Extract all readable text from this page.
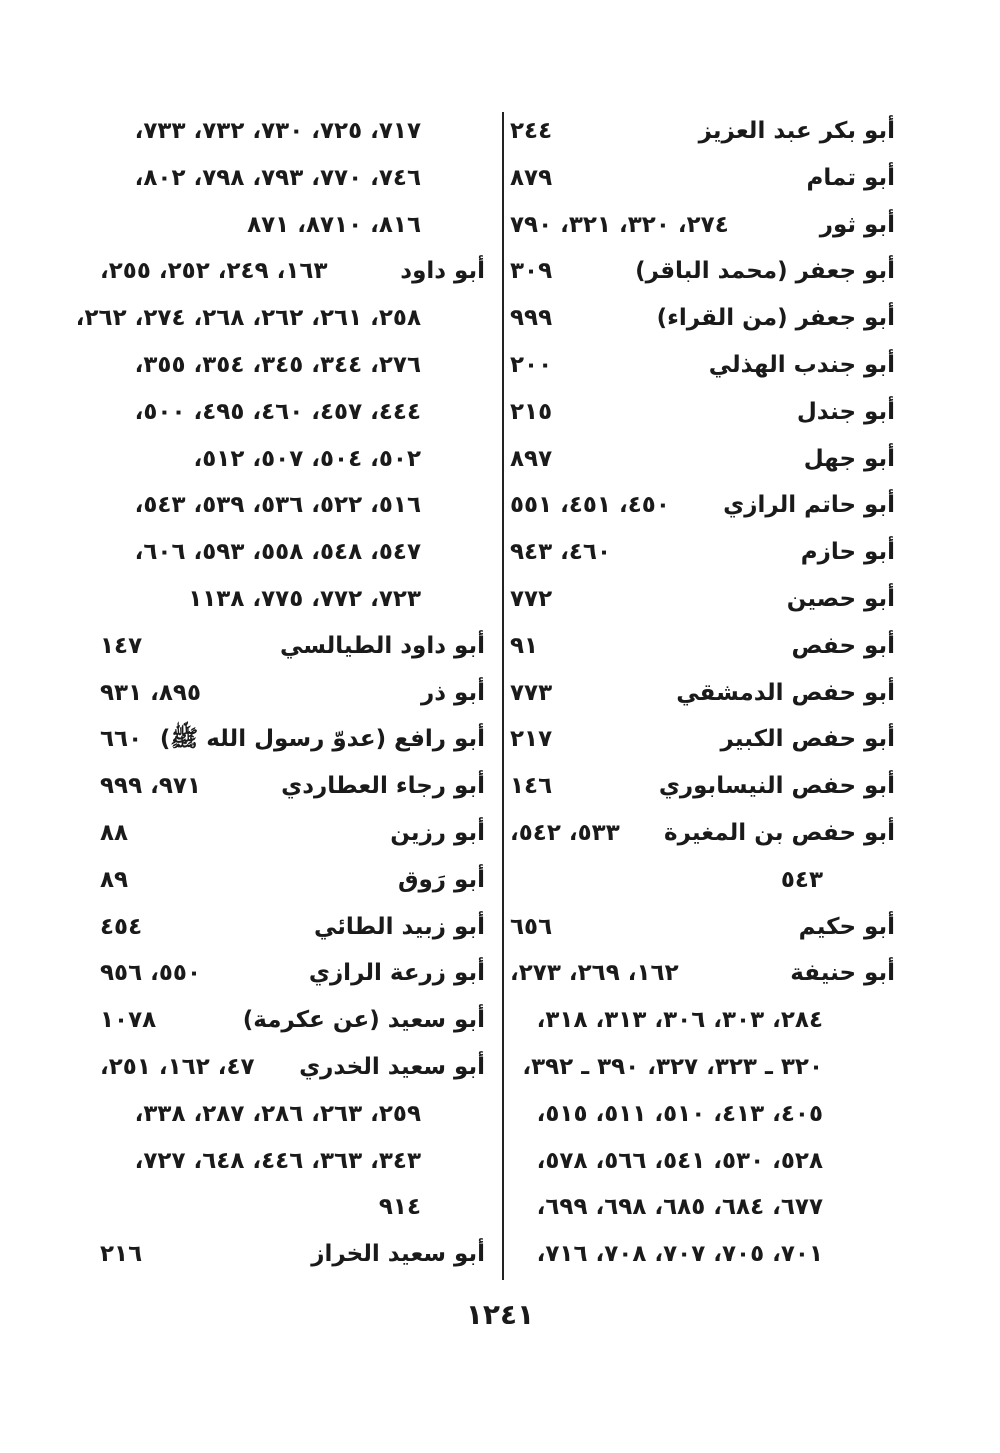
أبو بكر عبد العزيز
٢٤٤
أبو تمام
٨٧٩
أبو ثور
٢٧٤، ٣٢٠، ٣٢١، ٧٩٠
أبو جعفر (محمد الباقر)
٣٠٩
أبو جعفر (من القراء)
٩٩٩
أبو جندب الهذلي
٢٠٠
أبو جندل
٢١٥
أبو جهل
٨٩٧
أبو حاتم الرازي
٤٥٠، ٤٥١، ٥٥١
أبو حازم
٤٦٠، ٩٤٣
أبو حصين
٧٧٢
أبو حفص
٩١
أبو حفص الدمشقي
٧٧٣
أبو حفص الكبير
٢١٧
أبو حفص النيسابوري
١٤٦
أبو حفص بن المغيرة
٥٣٣، ٥٤٢،
٥٤٣
أبو حكيم
٦٥٦
أبو حنيفة
١٦٢، ٢٦٩، ٢٧٣،
٢٨٤، ٣٠٣، ٣٠٦، ٣١٣، ٣١٨،
٣٢٠ ـ ٣٢٣، ٣٢٧، ٣٩٠ ـ ٣٩٢،
٤٠٥، ٤١٣، ٥١٠، ٥١١، ٥١٥،
٥٢٨، ٥٣٠، ٥٤١، ٥٦٦، ٥٧٨،
٦٧٧، ٦٨٤، ٦٨٥، ٦٩٨، ٦٩٩،
٧٠١، ٧٠٥، ٧٠٧، ٧٠٨، ٧١٦،
٧١٧، ٧٢٥، ٧٣٠، ٧٣٢، ٧٣٣،
٧٤٦، ٧٧٠، ٧٩٣، ٧٩٨، ٨٠٢،
٨١٦، ٨٧١٠، ٨٧١
أبو داود
١٦٣، ٢٤٩، ٢٥٢، ٢٥٥،
٢٥٨، ٢٦١، ٢٦٢، ٢٦٨، ٢٧٤، ٢٦٢،
٢٧٦، ٣٤٤، ٣٤٥، ٣٥٤، ٣٥٥،
٤٤٤، ٤٥٧، ٤٦٠، ٤٩٥، ٥٠٠،
٥٠٢، ٥٠٤، ٥٠٧، ٥١٢،
٥١٦، ٥٢٢، ٥٣٦، ٥٣٩، ٥٤٣،
٥٤٧، ٥٤٨، ٥٥٨، ٥٩٣، ٦٠٦،
٧٢٣، ٧٧٢، ٧٧٥، ١١٣٨
أبو داود الطيالسي
١٤٧
أبو ذر
٨٩٥، ٩٣١
أبو رافع (عدوّ رسول الله ﷺ)
٦٦٠
أبو رجاء العطاردي
٩٧١، ٩٩٩
أبو رزين
٨٨
أبو رَوق
٨٩
أبو زبيد الطائي
٤٥٤
أبو زرعة الرازي
٥٥٠، ٩٥٦
أبو سعيد (عن عكرمة)
١٠٧٨
أبو سعيد الخدري
٤٧، ١٦٢، ٢٥١،
٢٥٩، ٢٦٣، ٢٨٦، ٢٨٧، ٣٣٨،
٣٤٣، ٣٦٣، ٤٤٦، ٦٤٨، ٧٢٧،
٩١٤
أبو سعيد الخراز
٢١٦
١٢٤١
